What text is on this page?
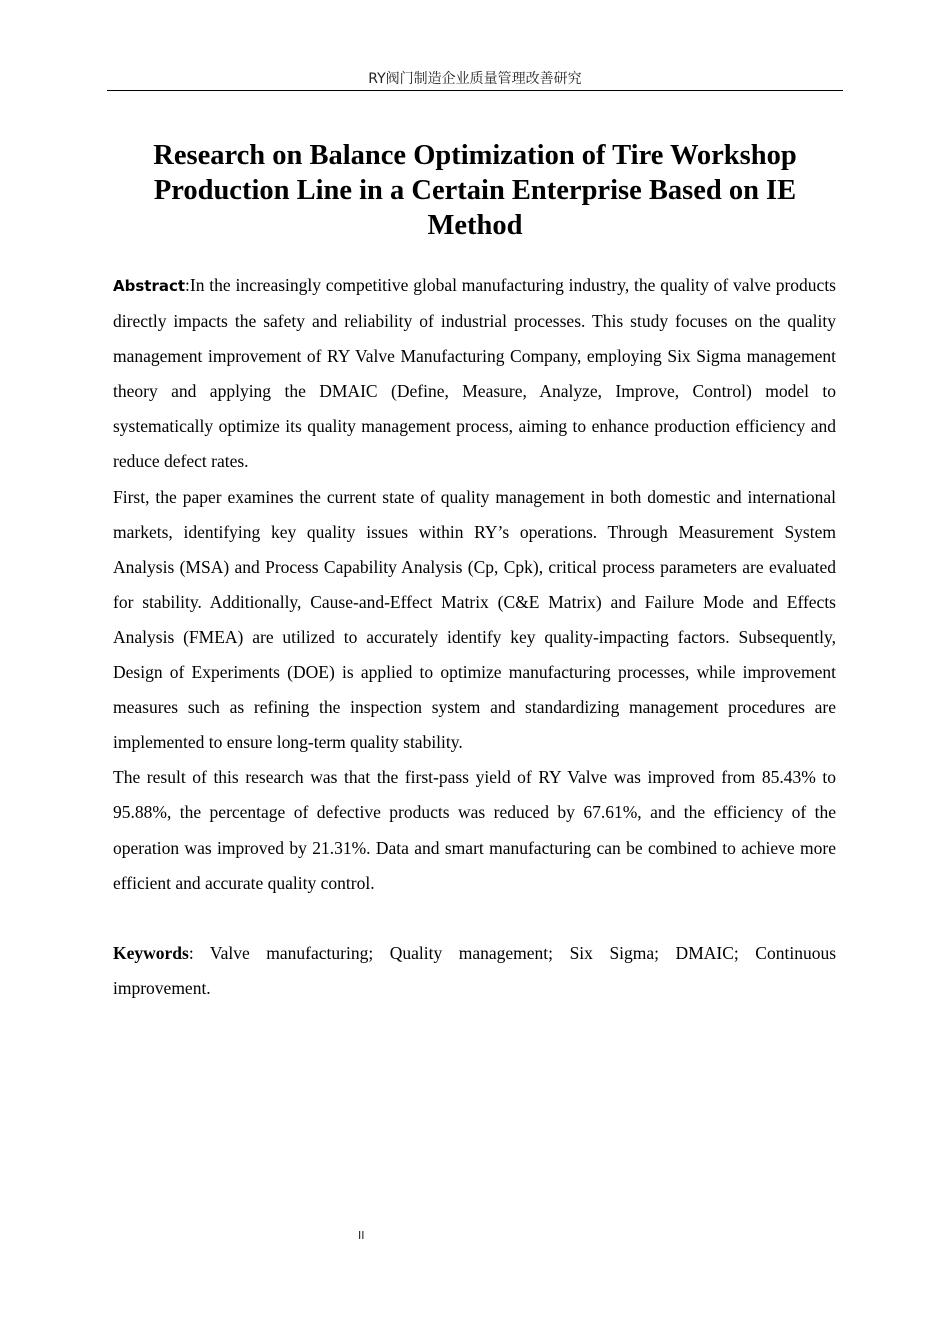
RY阀门制造企业质量管理改善研究
Research on Balance Optimization of Tire Workshop Production Line in a Certain Enterprise Based on IE Method

Abstract:In the increasingly competitive global manufacturing industry, the quality of valve products directly impacts the safety and reliability of industrial processes. This study focuses on the quality management improvement of RY Valve Manufacturing Company, employing Six Sigma management theory and applying the DMAIC (Define, Measure, Analyze, Improve, Control) model to systematically optimize its quality management process, aiming to enhance production efficiency and reduce defect rates.

First, the paper examines the current state of quality management in both domestic and international markets, identifying key quality issues within RY’s operations. Through Measurement System Analysis (MSA) and Process Capability Analysis (Cp, Cpk), critical process parameters are evaluated for stability. Additionally, Cause-and-Effect Matrix (C&E Matrix) and Failure Mode and Effects Analysis (FMEA) are utilized to accurately identify key quality-impacting factors. Subsequently, Design of Experiments (DOE) is applied to optimize manufacturing processes, while improvement measures such as refining the inspection system and standardizing management procedures are implemented to ensure long-term quality stability.

The result of this research was that the first-pass yield of RY Valve was improved from 85.43% to 95.88%, the percentage of defective products was reduced by 67.61%, and the efficiency of the operation was improved by 21.31%. Data and smart manufacturing can be combined to achieve more efficient and accurate quality control.

Keywords: Valve manufacturing; Quality management; Six Sigma; DMAIC; Continuous improvement.

II
